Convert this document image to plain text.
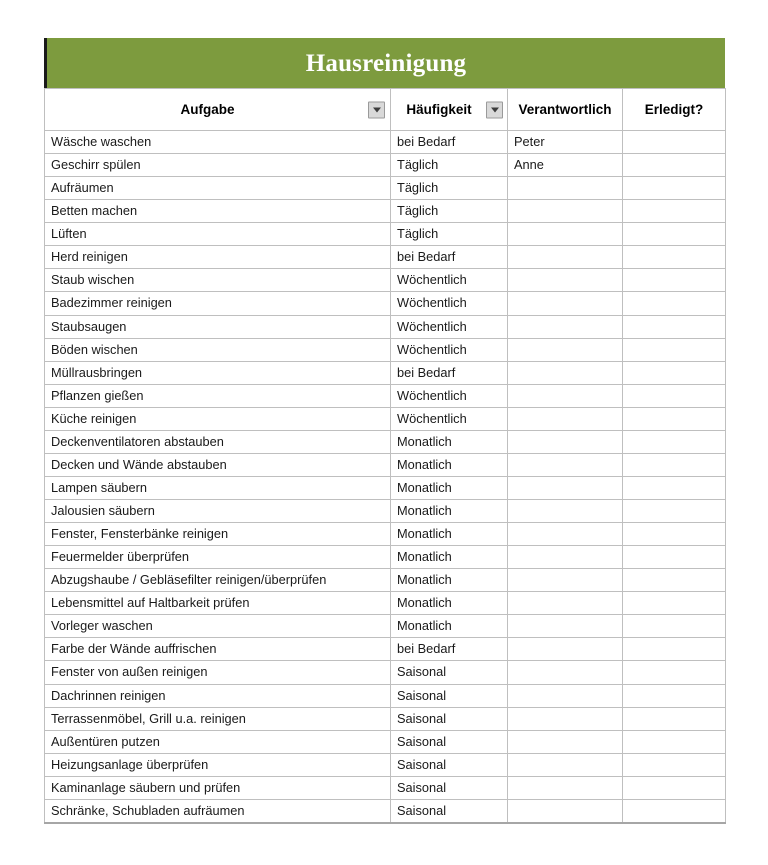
Hausreinigung
Aufgabe	Häufigkeit	Verantwortlich	Erledigt?

Wäsche waschen	bei Bedarf	Peter	

Geschirr spülen	Täglich	Anne	

Aufräumen	Täglich		

Betten machen	Täglich		

Lüften	Täglich		

Herd reinigen	bei Bedarf		

Staub wischen	Wöchentlich		

Badezimmer reinigen	Wöchentlich		

Staubsaugen	Wöchentlich		

Böden wischen	Wöchentlich		

Müllrausbringen	bei Bedarf		

Pflanzen gießen	Wöchentlich		

Küche reinigen	Wöchentlich		

Deckenventilatoren abstauben	Monatlich		

Decken und Wände abstauben	Monatlich		

Lampen säubern	Monatlich		

Jalousien säubern	Monatlich		

Fenster, Fensterbänke reinigen	Monatlich		

Feuermelder überprüfen	Monatlich		

Abzugshaube / Gebläsefilter reinigen/überprüfen	Monatlich		

Lebensmittel auf Haltbarkeit prüfen	Monatlich		

Vorleger waschen	Monatlich		

Farbe der Wände auffrischen	bei Bedarf		

Fenster von außen reinigen	Saisonal		

Dachrinnen reinigen	Saisonal		

Terrassenmöbel, Grill u.a. reinigen	Saisonal		

Außentüren putzen	Saisonal		

Heizungsanlage überprüfen	Saisonal		

Kaminanlage säubern und prüfen	Saisonal		

Schränke, Schubladen aufräumen	Saisonal		
